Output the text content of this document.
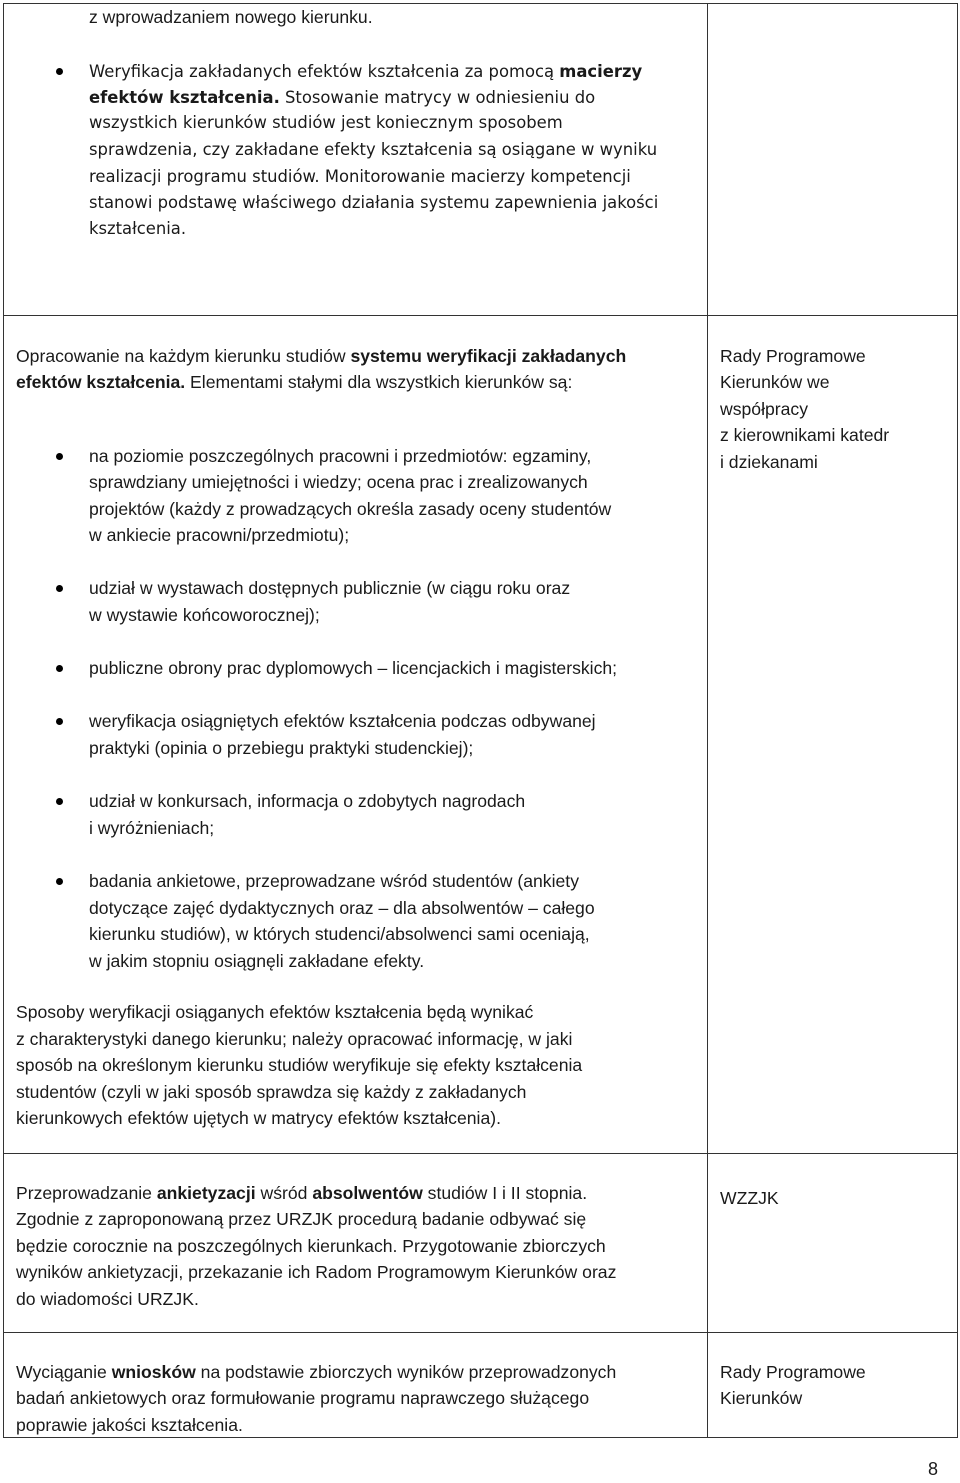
z wprowadzaniem nowego kierunku.
Weryfikacja zakładanych efektów kształcenia za pomocą macierzy
efektów kształcenia. Stosowanie matrycy w odniesieniu do
wszystkich kierunków studiów jest koniecznym sposobem
sprawdzenia, czy zakładane efekty kształcenia są osiągane w wyniku
realizacji programu studiów. Monitorowanie macierzy kompetencji
stanowi podstawę właściwego działania systemu zapewnienia jakości
kształcenia.
Opracowanie na każdym kierunku studiów systemu weryfikacji zakładanych
efektów kształcenia. Elementami stałymi dla wszystkich kierunków są:
na poziomie poszczególnych pracowni i przedmiotów: egzaminy,
sprawdziany umiejętności i wiedzy; ocena prac i zrealizowanych
projektów (każdy z prowadzących określa zasady oceny studentów
w ankiecie pracowni/przedmiotu);
udział w wystawach dostępnych publicznie (w ciągu roku oraz
w wystawie końcoworocznej);
publiczne obrony prac dyplomowych – licencjackich i magisterskich;
weryfikacja osiągniętych efektów kształcenia podczas odbywanej
praktyki (opinia o przebiegu praktyki studenckiej);
udział w konkursach, informacja o zdobytych nagrodach
i wyróżnieniach;
badania ankietowe, przeprowadzane wśród studentów (ankiety
dotyczące zajęć dydaktycznych oraz – dla absolwentów – całego
kierunku studiów), w których studenci/absolwenci sami oceniają,
w jakim stopniu osiągnęli zakładane efekty.
Sposoby weryfikacji osiąganych efektów kształcenia będą wynikać
z charakterystyki danego kierunku; należy opracować informację, w jaki
sposób na określonym kierunku studiów weryfikuje się efekty kształcenia
studentów (czyli w jaki sposób sprawdza się każdy z zakładanych
kierunkowych efektów ujętych w matrycy efektów kształcenia).
Rady Programowe
Kierunków we
współpracy
z kierownikami katedr
i dziekanami
Przeprowadzanie ankietyzacji wśród absolwentów studiów I i II stopnia.
Zgodnie z zaproponowaną przez URZJK procedurą badanie odbywać się
będzie corocznie na poszczególnych kierunkach. Przygotowanie zbiorczych
wyników ankietyzacji, przekazanie ich Radom Programowym Kierunków oraz
do wiadomości URZJK.
WZZJK
Wyciąganie wniosków na podstawie zbiorczych wyników przeprowadzonych
badań ankietowych oraz formułowanie programu naprawczego służącego
poprawie jakości kształcenia.
Rady Programowe
Kierunków
8
